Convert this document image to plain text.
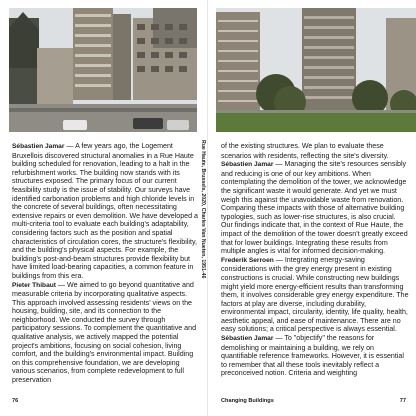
Rue Haute, Brussels, 2020, Charles Van Nueten, 1951-46

Sébastien Jamar — A few years ago, the Logement Bruxellois discovered structural anomalies in a Rue Haute building scheduled for renovation, leading to a halt in the refurbishment works. The building now stands with its structures exposed. The primary focus of our current feasibility study is the issue of stability. Our surveys have identified carbonation problems and high chloride levels in the concrete of several buildings, often necessitating extensive repairs or even demolition. We have developed a multi-criteria tool to evaluate each building's adaptability, considering factors such as the position and spatial characteristics of circulation cores, the structure's flexibility, and the building's physical aspects. For example, the building's post-and-beam structures provide flexibility but have limited load-bearing capacities, a common feature in buildings from this era.

Pieter Thibaut — We aimed to go beyond quantitative and measurable criteria by incorporating qualitative aspects. This approach involved assessing residents' views on the housing, building, site, and its connection to the neighborhood. We conducted the survey through participatory sessions. To complement the quantitative and qualitative analysis, we actively mapped the potential project's ambitions, focusing on social cohesion, living comfort, and the building's environmental impact. Building on this comprehensive foundation, we are developing various scenarios, from complete redevelopment to full preservation

76

of the existing structures. We plan to evaluate these scenarios with residents, reflecting the site's diversity.

Sébastien Jamar — Managing the site's resources sensibly and reducing is one of our key ambitions. When contemplating the demolition of the tower, we acknowledge the significant waste it would generate. And yet we must weigh this against the unavoidable waste from renovation. Comparing these impacts with those of alternative building typologies, such as lower-rise structures, is also crucial. Our findings indicate that, in the context of Rue Haute, the impact of the demolition of the tower doesn't greatly exceed that for lower buildings. Integrating these results from multiple angles is vital for informed decision-making.

Frederik Serroen — Integrating energy-saving considerations with the grey energy present in existing constructions is crucial. While constructing new buildings might yield more energy-efficient results than transforming them, it involves considerable grey energy expenditure. The factors at play are diverse, including durability, environmental impact, circularity, identity, life quality, health, aesthetic appeal, and ease of maintenance. There are no easy solutions; a critical perspective is always essential.

Sébastien Jamar — To "objectify" the reasons for demolishing or maintaining a building, we rely on quantifiable reference frameworks. However, it is essential to remember that all these tools inevitably reflect a preconceived notion. Criteria and weighting

Changing Buildings	77
